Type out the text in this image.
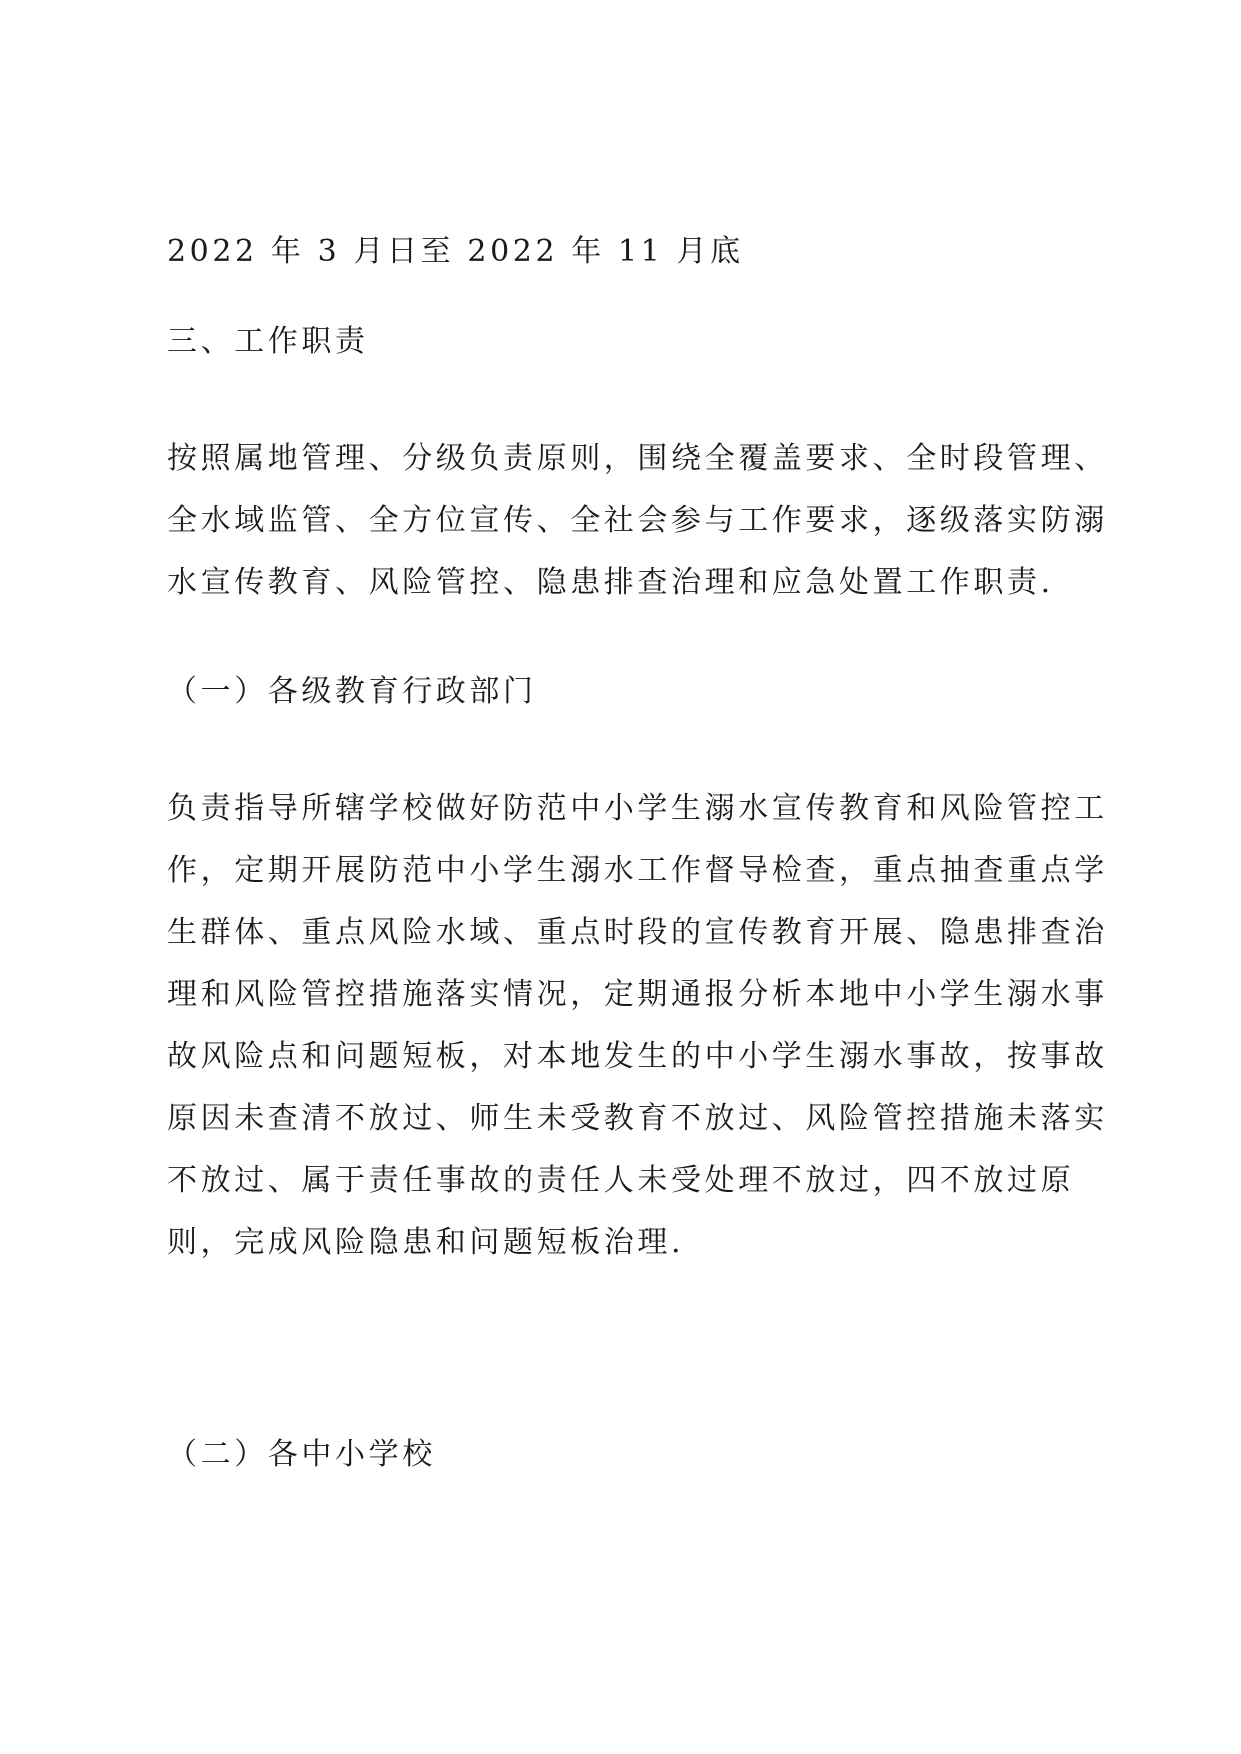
2022 年 3 月日至 2022 年 11 月底

三、工作职责

按照属地管理、分级负责原则，围绕全覆盖要求、全时段管理、
全水域监管、全方位宣传、全社会参与工作要求，逐级落实防溺
水宣传教育、风险管控、隐患排查治理和应急处置工作职责.

（一）各级教育行政部门

负责指导所辖学校做好防范中小学生溺水宣传教育和风险管控工
作，定期开展防范中小学生溺水工作督导检查，重点抽查重点学
生群体、重点风险水域、重点时段的宣传教育开展、隐患排查治
理和风险管控措施落实情况，定期通报分析本地中小学生溺水事
故风险点和问题短板，对本地发生的中小学生溺水事故，按事故
原因未查清不放过、师生未受教育不放过、风险管控措施未落实
不放过、属于责任事故的责任人未受处理不放过，四不放过原
则，完成风险隐患和问题短板治理.

（二）各中小学校
